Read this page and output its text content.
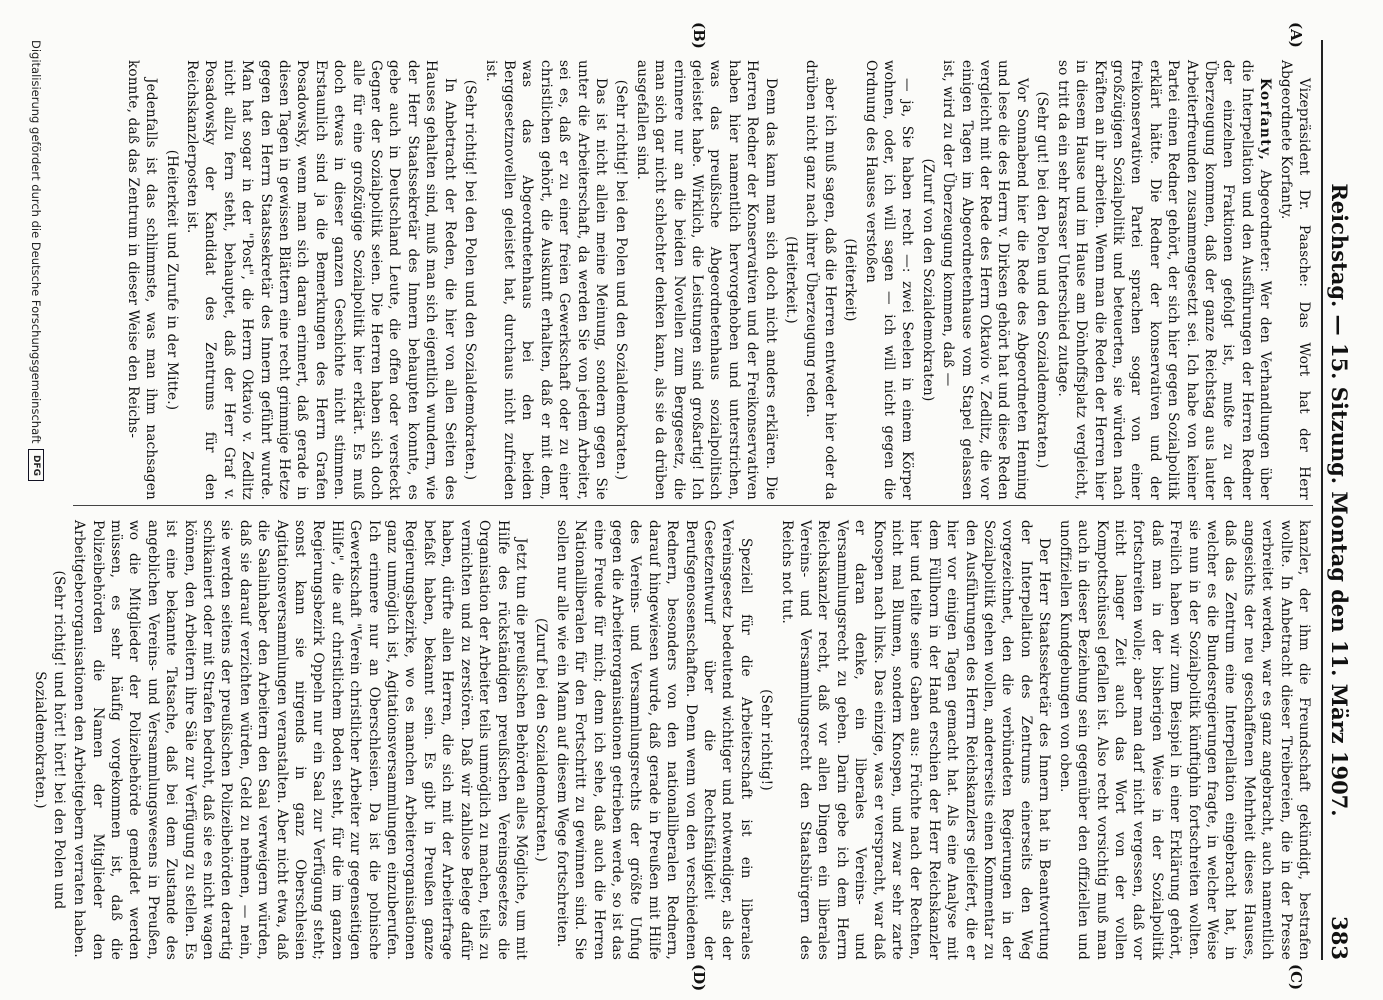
Reichstag. — 15. Sitzung. Montag den 11. März 1907.
383
(A)
(B)
(C)
(D)

Vizepräsident Dr. Paasche: Das Wort hat der Herr Abgeordnete Korfanty.

Korfanty, Abgeordneter: Wer den Verhandlungen über die Interpellation und den Ausführungen der Herren Redner der einzelnen Fraktionen gefolgt ist, mußte zu der Überzeugung kommen, daß der ganze Reichstag aus lauter Arbeiterfreunden zusammengesetzt sei. Ich habe von keiner Partei einen Redner gehört, der sich hier gegen Sozialpolitik erklärt hätte. Die Redner der konservativen und der freikonservativen Partei sprachen sogar von einer großzügigen Sozialpolitik und beteuerten, sie würden nach Kräften an ihr arbeiten. Wenn man die Reden der Herren hier in diesem Hause und im Hause am Dönhoffsplatz vergleicht, so tritt da ein sehr krasser Unterschied zutage.

(Sehr gut! bei den Polen und den Sozialdemokraten.)

Vor Sonnabend hier die Rede des Abgeordneten Henning und lese die des Herrn v. Dirksen gehört hat und diese Reden vergleicht mit der Rede des Herrn Oktavio v. Zedlitz, die vor einigen Tagen im Abgeordnetenhause vom Stapel gelassen ist, wird zu der Überzeugung kommen, daß —

(Zuruf von den Sozialdemokraten)

— ja, Sie haben recht —: zwei Seelen in einem Körper wohnen, oder, ich will sagen — ich will nicht gegen die Ordnung des Hauses verstoßen

(Heiterkeit)

aber ich muß sagen, daß die Herren entweder hier oder da drüben nicht ganz nach ihrer Überzeugung reden.

(Heiterkeit.)

Denn das kann man sich doch nicht anders erklären. Die Herren Redner der Konservativen und der Freikonservativen haben hier namentlich hervorgehoben und unterstrichen, was das preußische Abgeordnetenhaus sozialpolitisch geleistet habe. Wirklich, die Leistungen sind großartig! Ich erinnere nur an die beiden Novellen zum Berggesetz, die man sich gar nicht schlechter denken kann, als sie da drüben ausgefallen sind.

(Sehr richtig! bei den Polen und den Sozialdemokraten.)

Das ist nicht allein meine Meinung, sondern gegen Sie unter die Arbeiterschaft, da werden Sie von jedem Arbeiter, sei es, daß er zu einer freien Gewerkschaft oder zu einer christlichen gehört, die Auskunft erhalten, daß er mit dem, was das Abgeordnetenhaus bei den beiden Berggesetznovellen geleistet hat, durchaus nicht zufrieden ist.

(Sehr richtig! bei den Polen und den Sozialdemokraten.)

In Anbetracht der Reden, die hier von allen Seiten des Hauses gehalten sind, muß man sich eigentlich wundern, wie der Herr Staatssekretär des Innern behaupten konnte, es gebe auch in Deutschland Leute, die offen oder versteckt Gegner der Sozialpolitik seien. Die Herren haben sich doch alle für eine großzügige Sozialpolitik hier erklärt. Es muß doch etwas in dieser ganzen Geschichte nicht stimmen. Erstaunlich sind ja die Bemerkungen des Herrn Grafen Posadowsky, wenn man sich daran erinnert, daß gerade in diesen Tagen in gewissen Blättern eine recht grimmige Hetze gegen den Herrn Staatssekretär des Innern geführt wurde. Man hat sogar in der "Post", die Herrn Oktavio v. Zedlitz nicht allzu fern steht, behauptet, daß der Herr Graf v. Posadowsky der Kandidat des Zentrums für den Reichskanzlerposten ist.

(Heiterkeit und Zurufe in der Mitte.)

Jedenfalls ist das schlimmste, was man ihm nachsagen konnte, daß das Zentrum in dieser Weise den Reichs-

kanzler, der ihm die Freundschaft gekündigt, bestrafen wollte. In Anbetracht dieser Treibereien, die in der Presse verbreitet werden, war es ganz angebracht, auch namentlich angesichts der neu geschaffenen Mehrheit dieses Hauses, daß das Zentrum eine Interpellation eingebracht hat, in welcher es die Bundesregierungen fragte, in welcher Weise sie nun in der Sozialpolitik künftighin fortschreiten wollten. Freilich haben wir zum Beispiel in einer Erklärung gehört, daß man in der bisherigen Weise in der Sozialpolitik fortschreiten wolle; aber man darf nicht vergessen, daß vor nicht langer Zeit auch das Wort von der vollen Kompottschüssel gefallen ist. Also recht vorsichtig muß man auch in dieser Beziehung sein gegenüber den offiziellen und unoffiziellen Kundgebungen von oben.

Der Herr Staatssekretär des Innern hat in Beantwortung der Interpellation des Zentrums einerseits den Weg vorgezeichnet, den die verbündeten Regierungen in der Sozialpolitik gehen wollen, andererseits einen Kommentar zu den Ausführungen des Herrn Reichskanzlers geliefert, die er hier vor einigen Tagen gemacht hat. Als eine Analyse mit dem Füllhorn in der Hand erschien der Herr Reichskanzler hier und teilte seine Gaben aus: Früchte nach der Rechten, nicht mal Blumen, sondern Knospen, und zwar sehr zarte Knospen nach links. Das einzige, was er verspracht, war daß er daran denke, ein liberales Vereins- und Versammlungsrecht zu geben. Darin gebe ich dem Herrn Reichskanzler recht, daß vor allen Dingen ein liberales Vereins- und Versammlungsrecht den Staatsbürgern des Reichs not tut.

(Sehr richtig!)

Speziell für die Arbeiterschaft ist ein liberales Vereinsgesetz bedeutend wichtiger und notwendiger, als der Gesetzentwurf über die Rechtsfähigkeit der Berufsgenossenschaften. Denn wenn von den verschiedenen Rednern, besonders von den nationalliberalen Rednern, darauf hingewiesen wurde, daß gerade in Preußen mit Hilfe des Vereins- und Versammlungsrechts der größte Unfug gegen die Arbeiterorganisationen getrieben werde, so ist das eine Freude für mich; denn ich sehe, daß auch die Herren Nationalliberalen für den Fortschritt zu gewinnen sind. Sie sollen nur alle wie ein Mann auf diesem Wege fortschreiten.

(Zuruf bei den Sozialdemokraten.)

Jetzt tun die preußischen Behörden alles Mögliche, um mit Hilfe des rückständigen preußischen Vereinsgesetzes die Organisation der Arbeiter teils unmöglich zu machen, teils zu vernichten und zu zerstören. Daß wir zahllose Belege dafür haben, dürfte allen Herren, die sich mit der Arbeiterfrage befaßt haben, bekannt sein. Es gibt in Preußen ganze Regierungsbezirke, wo es manchen Arbeiterorganisationen ganz unmöglich ist, Agitationsversammlungen einzuberufen. Ich erinnere nur an Oberschlesien. Da ist die polnische Gewerkschaft "Verein christlicher Arbeiter zur gegenseitigen Hilfe", die auf christlichem Boden steht, für die im ganzen Regierungsbezirk Oppeln nur ein Saal zur Verfügung steht; sonst kann sie nirgends in ganz Oberschlesien Agitationsversammlungen veranstalten. Aber nicht etwa, daß die Saalinhaber den Arbeitern den Saal verweigern würden, daß sie darauf verzichten würden, Geld zu nehmen, — nein, sie werden seitens der preußischen Polizeibehörden derartig schikaniert oder mit Strafen bedroht, daß sie es nicht wagen können, den Arbeitern ihre Säle zur Verfügung zu stellen. Es ist eine bekannte Tatsache, daß bei dem Zustande des angeblichen Vereins- und Versammlungswesens in Preußen, wo die Mitglieder der Polizeibehörde gemeldet werden müssen, es sehr häufig vorgekommen ist, daß die Polizeibehörden die Namen der Mitglieder den Arbeitgeberorganisationen den Arbeitgebern verraten haben.

(Sehr richtig! und hört! hört! bei den Polen und Sozialdemokraten.)

Digitalisierung gefördert durch die Deutsche Forschungsgemeinschaft
DFG
